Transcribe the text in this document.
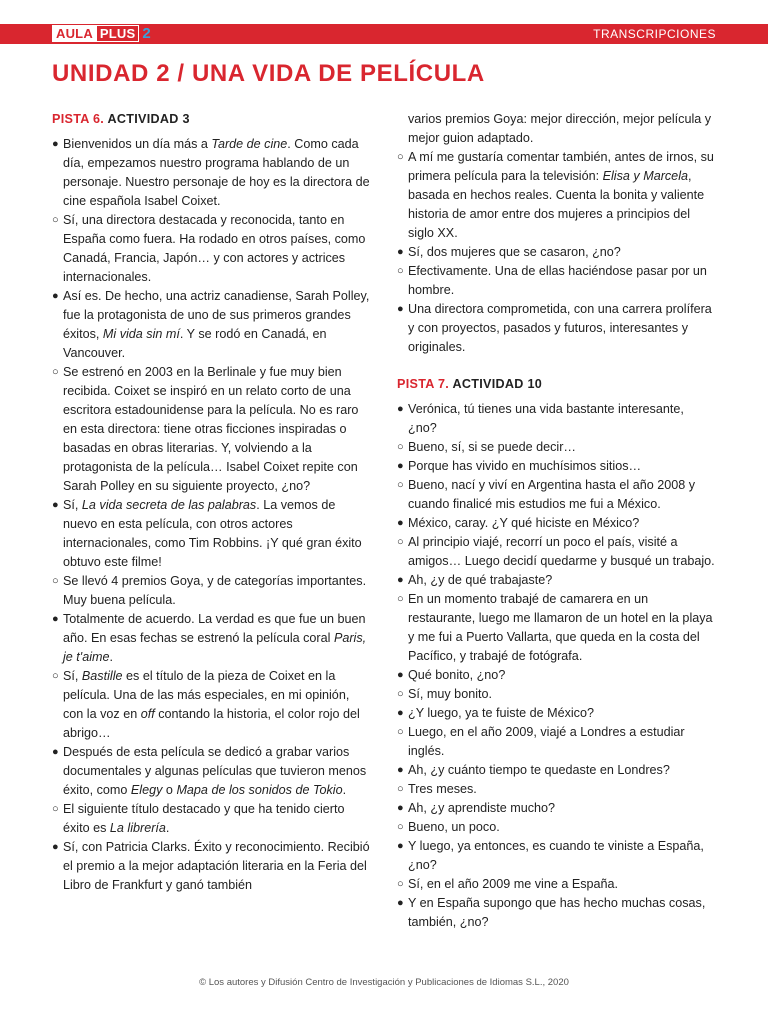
AULA PLUS 2	TRANSCRIPCIONES
UNIDAD 2 / UNA VIDA DE PELÍCULA
PISTA 6. ACTIVIDAD 3
● Bienvenidos un día más a Tarde de cine. Como cada día, empezamos nuestro programa hablando de un personaje. Nuestro personaje de hoy es la directora de cine española Isabel Coixet.
○ Sí, una directora destacada y reconocida, tanto en España como fuera. Ha rodado en otros países, como Canadá, Francia, Japón… y con actores y actrices internacionales.
● Así es. De hecho, una actriz canadiense, Sarah Polley, fue la protagonista de uno de sus primeros grandes éxitos, Mi vida sin mí. Y se rodó en Canadá, en Vancouver.
○ Se estrenó en 2003 en la Berlinale y fue muy bien recibida. Coixet se inspiró en un relato corto de una escritora estadounidense para la película. No es raro en esta directora: tiene otras ficciones inspiradas o basadas en obras literarias. Y, volviendo a la protagonista de la película… Isabel Coixet repite con Sarah Polley en su siguiente proyecto, ¿no?
● Sí, La vida secreta de las palabras. La vemos de nuevo en esta película, con otros actores internacionales, como Tim Robbins. ¡Y qué gran éxito obtuvo este filme!
○ Se llevó 4 premios Goya, y de categorías importantes. Muy buena película.
● Totalmente de acuerdo. La verdad es que fue un buen año. En esas fechas se estrenó la película coral Paris, je t'aime.
○ Sí, Bastille es el título de la pieza de Coixet en la película. Una de las más especiales, en mi opinión, con la voz en off contando la historia, el color rojo del abrigo…
● Después de esta película se dedicó a grabar varios documentales y algunas películas que tuvieron menos éxito, como Elegy o Mapa de los sonidos de Tokio.
○ El siguiente título destacado y que ha tenido cierto éxito es La librería.
● Sí, con Patricia Clarks. Éxito y reconocimiento. Recibió el premio a la mejor adaptación literaria en la Feria del Libro de Frankfurt y ganó también
varios premios Goya: mejor dirección, mejor película y mejor guion adaptado.
○ A mí me gustaría comentar también, antes de irnos, su primera película para la televisión: Elisa y Marcela, basada en hechos reales. Cuenta la bonita y valiente historia de amor entre dos mujeres a principios del siglo XX.
● Sí, dos mujeres que se casaron, ¿no?
○ Efectivamente. Una de ellas haciéndose pasar por un hombre.
● Una directora comprometida, con una carrera prolífera y con proyectos, pasados y futuros, interesantes y originales.
PISTA 7. ACTIVIDAD 10
● Verónica, tú tienes una vida bastante interesante, ¿no?
○ Bueno, sí, si se puede decir…
● Porque has vivido en muchísimos sitios…
○ Bueno, nací y viví en Argentina hasta el año 2008 y cuando finalicé mis estudios me fui a México.
● México, caray. ¿Y qué hiciste en México?
○ Al principio viajé, recorrí un poco el país, visité a amigos… Luego decidí quedarme y busqué un trabajo.
● Ah, ¿y de qué trabajaste?
○ En un momento trabajé de camarera en un restaurante, luego me llamaron de un hotel en la playa y me fui a Puerto Vallarta, que queda en la costa del Pacífico, y trabajé de fotógrafa.
● Qué bonito, ¿no?
○ Sí, muy bonito.
● ¿Y luego, ya te fuiste de México?
○ Luego, en el año 2009, viajé a Londres a estudiar inglés.
● Ah, ¿y cuánto tiempo te quedaste en Londres?
○ Tres meses.
● Ah, ¿y aprendiste mucho?
○ Bueno, un poco.
● Y luego, ya entonces, es cuando te viniste a España, ¿no?
○ Sí, en el año 2009 me vine a España.
● Y en España supongo que has hecho muchas cosas, también, ¿no?
© Los autores y Difusión Centro de Investigación y Publicaciones de Idiomas S.L., 2020
